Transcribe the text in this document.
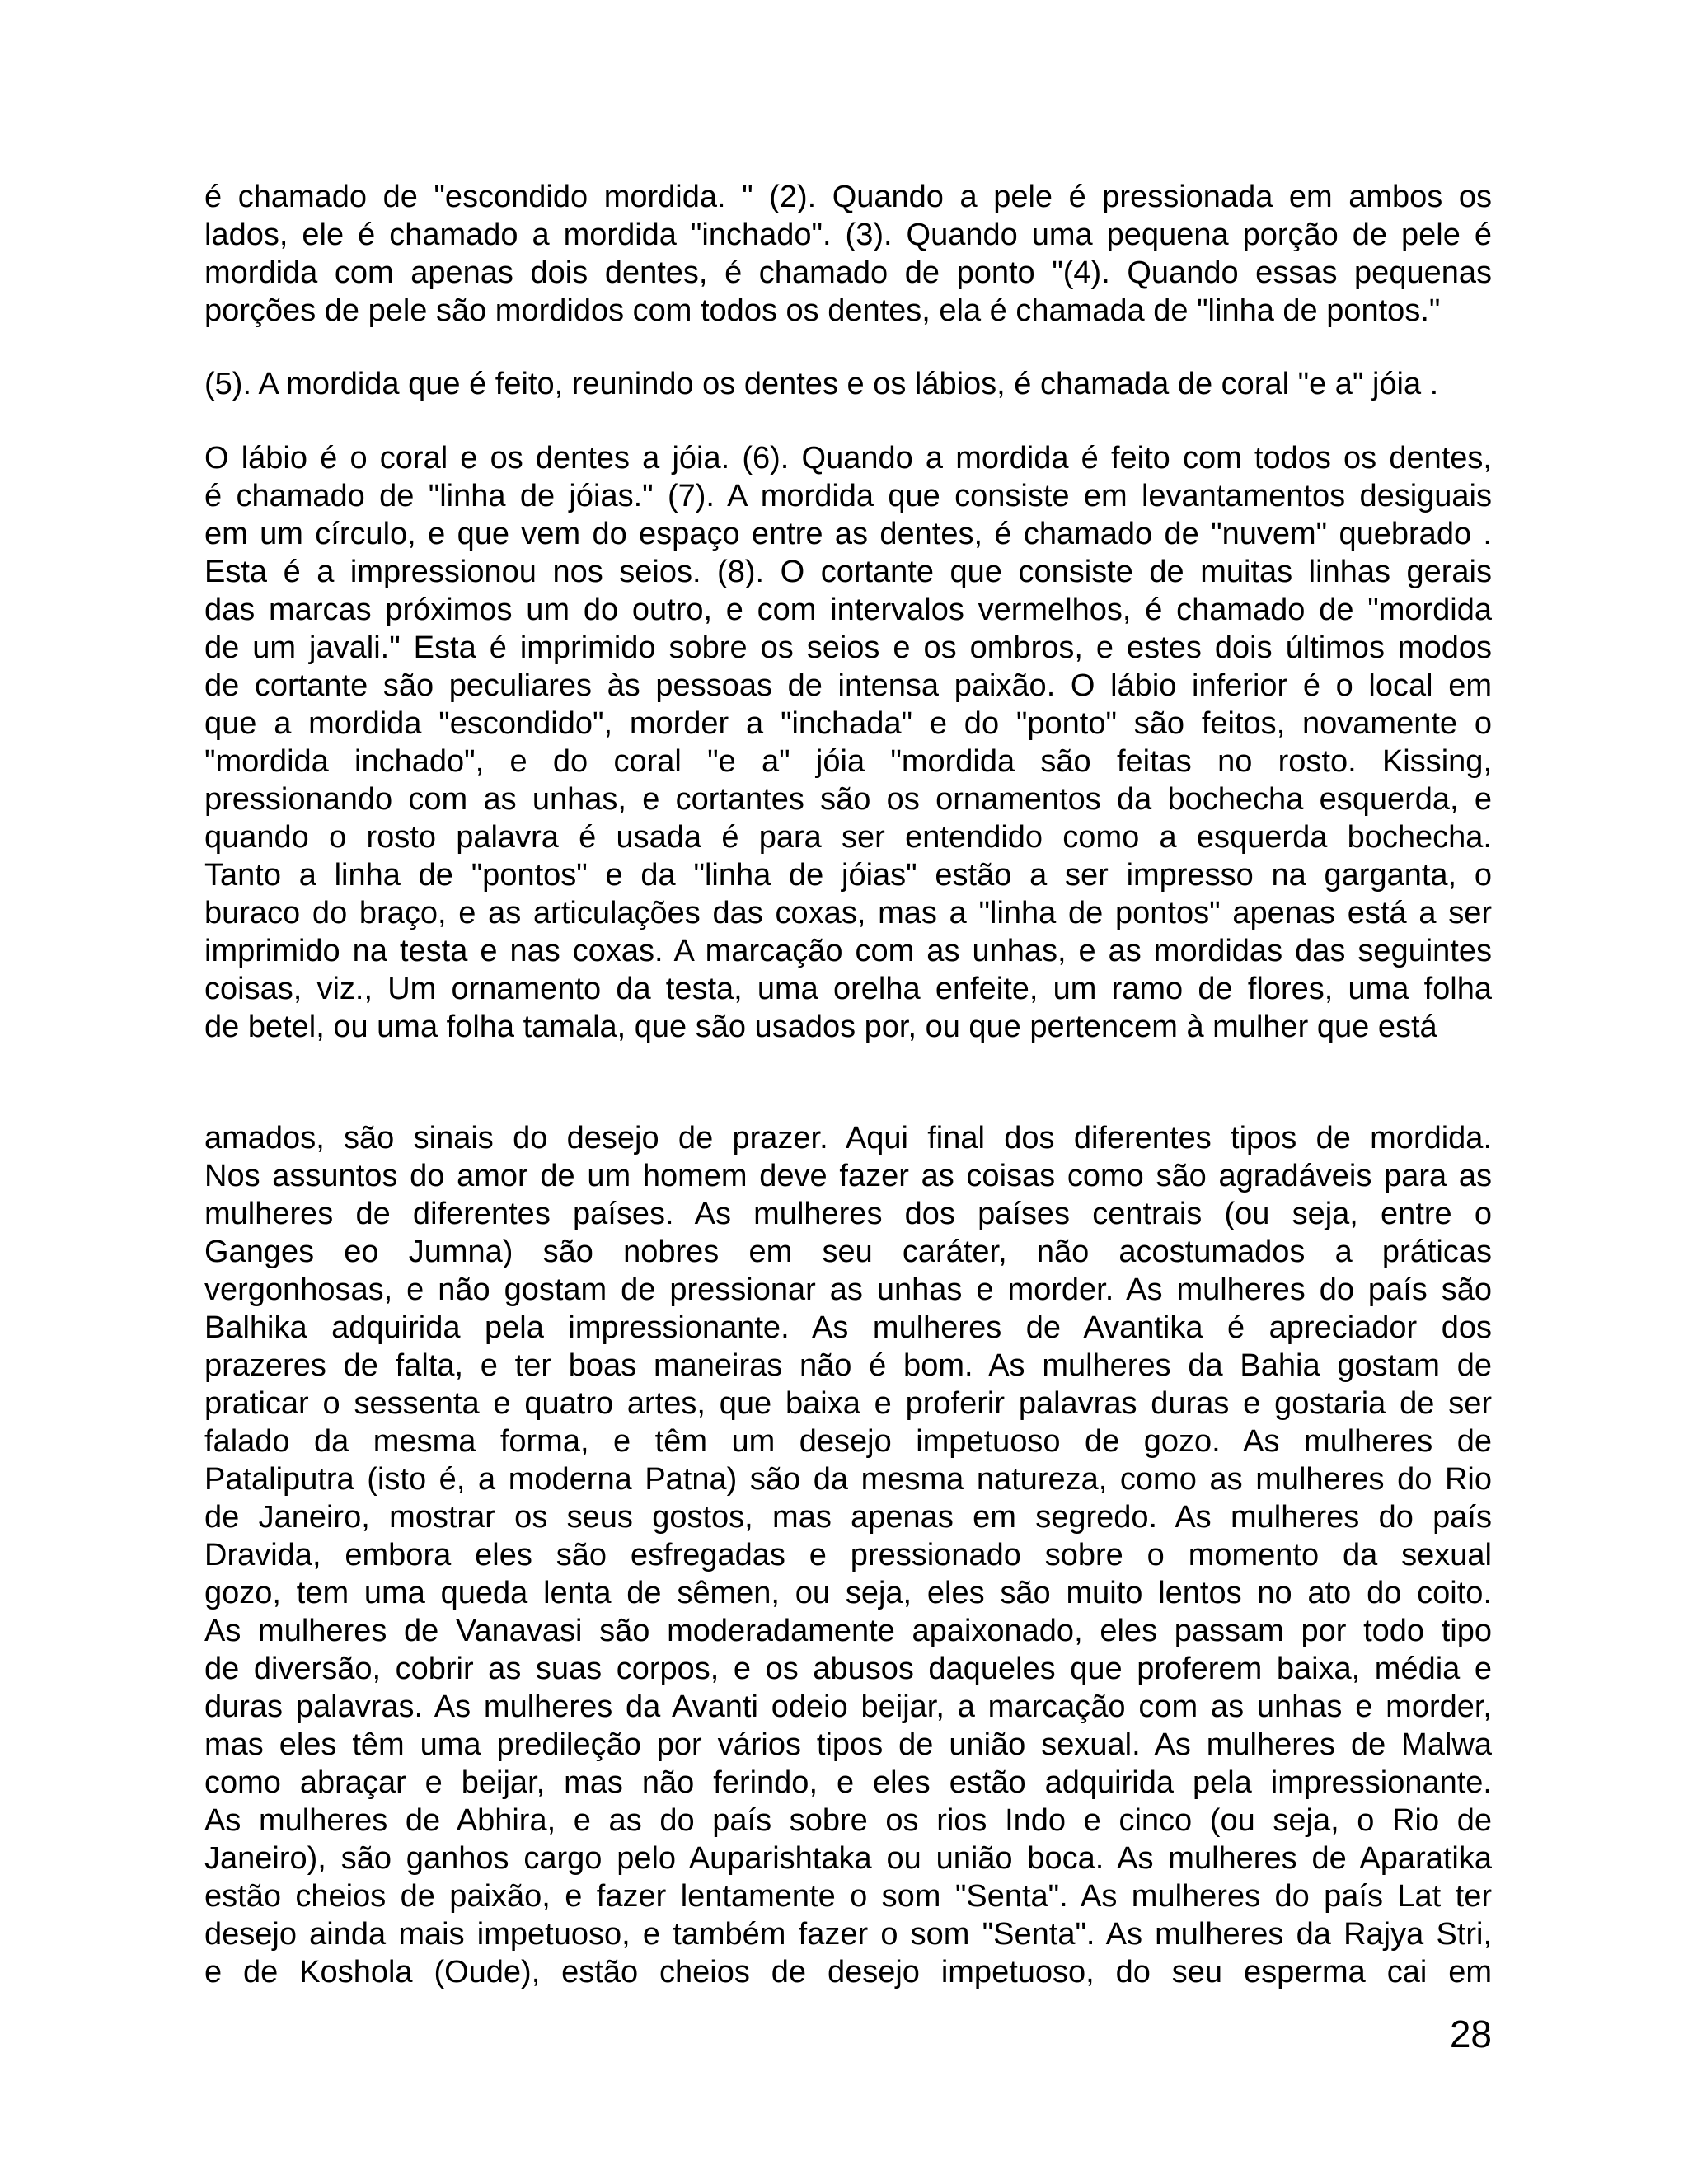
é chamado de "escondido mordida. " (2). Quando a pele é pressionada em ambos os
lados, ele é chamado a mordida "inchado". (3). Quando uma pequena porção de pele é
mordida com apenas dois dentes, é chamado de ponto "(4). Quando essas pequenas
porções de pele são mordidos com todos os dentes, ela é chamada de "linha de pontos."
(5). A mordida que é feito, reunindo os dentes e os lábios, é chamada de coral "e a" jóia .
O lábio é o coral e os dentes a jóia. (6). Quando a mordida é feito com todos os dentes,
é chamado de "linha de jóias." (7). A mordida que consiste em levantamentos desiguais
em um círculo, e que vem do espaço entre as dentes, é chamado de "nuvem" quebrado .
Esta é a impressionou nos seios. (8). O cortante que consiste de muitas linhas gerais
das marcas próximos um do outro, e com intervalos vermelhos, é chamado de "mordida
de um javali." Esta é imprimido sobre os seios e os ombros, e estes dois últimos modos
de cortante são peculiares às pessoas de intensa paixão. O lábio inferior é o local em
que a mordida "escondido", morder a "inchada" e do "ponto" são feitos, novamente o
"mordida inchado", e do coral "e a" jóia "mordida são feitas no rosto. Kissing,
pressionando com as unhas, e cortantes são os ornamentos da bochecha esquerda, e
quando o rosto palavra é usada é para ser entendido como a esquerda bochecha.
Tanto a linha de "pontos" e da "linha de jóias" estão a ser impresso na garganta, o
buraco do braço, e as articulações das coxas, mas a "linha de pontos" apenas está a ser
imprimido na testa e nas coxas. A marcação com as unhas, e as mordidas das seguintes
coisas, viz., Um ornamento da testa, uma orelha enfeite, um ramo de flores, uma folha
de betel, ou uma folha tamala, que são usados por, ou que pertencem à mulher que está
amados, são sinais do desejo de prazer. Aqui final dos diferentes tipos de mordida.
Nos assuntos do amor de um homem deve fazer as coisas como são agradáveis para as
mulheres de diferentes países. As mulheres dos países centrais (ou seja, entre o
Ganges eo Jumna) são nobres em seu caráter, não acostumados a práticas
vergonhosas, e não gostam de pressionar as unhas e morder. As mulheres do país são
Balhika adquirida pela impressionante. As mulheres de Avantika é apreciador dos
prazeres de falta, e ter boas maneiras não é bom. As mulheres da Bahia gostam de
praticar o sessenta e quatro artes, que baixa e proferir palavras duras e gostaria de ser
falado da mesma forma, e têm um desejo impetuoso de gozo. As mulheres de
Pataliputra (isto é, a moderna Patna) são da mesma natureza, como as mulheres do Rio
de Janeiro, mostrar os seus gostos, mas apenas em segredo. As mulheres do país
Dravida, embora eles são esfregadas e pressionado sobre o momento da sexual
gozo, tem uma queda lenta de sêmen, ou seja, eles são muito lentos no ato do coito.
As mulheres de Vanavasi são moderadamente apaixonado, eles passam por todo tipo
de diversão, cobrir as suas corpos, e os abusos daqueles que proferem baixa, média e
duras palavras. As mulheres da Avanti odeio beijar, a marcação com as unhas e morder,
mas eles têm uma predileção por vários tipos de união sexual. As mulheres de Malwa
como abraçar e beijar, mas não ferindo, e eles estão adquirida pela impressionante.
As mulheres de Abhira, e as do país sobre os rios Indo e cinco (ou seja, o Rio de
Janeiro), são ganhos cargo pelo Auparishtaka ou união boca. As mulheres de Aparatika
estão cheios de paixão, e fazer lentamente o som "Senta". As mulheres do país Lat ter
desejo ainda mais impetuoso, e também fazer o som "Senta". As mulheres da Rajya Stri,
e de Koshola (Oude), estão cheios de desejo impetuoso, do seu esperma cai em
28
